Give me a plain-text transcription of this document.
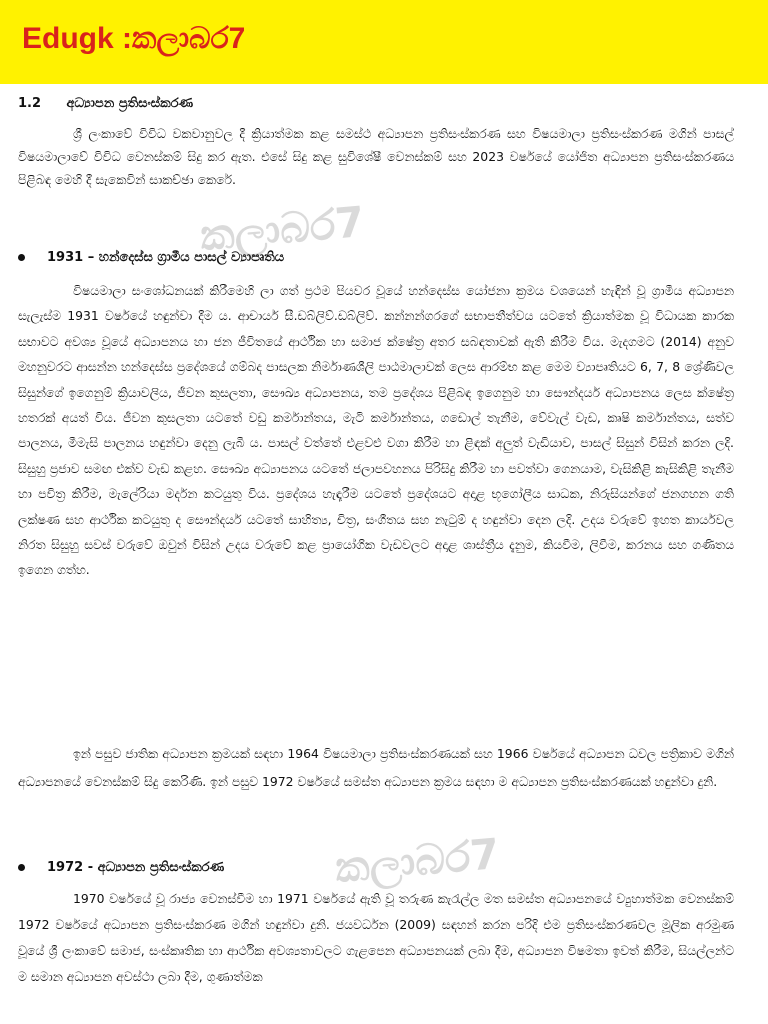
Edugk :කලාබර7
1.2 අධ්‍යාපන ප්‍රතිසංස්කරණ

ශ්‍රී ලංකාවේ විවිධ වකවානුවල දී ක්‍රියාත්මක කළ සමස්ථ අධ්‍යාපන ප්‍රතිසංස්කරණ සහ විෂයමාලා ප්‍රතිසංස්කරණ මගින් පාසල් විෂයමාලාවේ විවිධ වෙනස්කම් සිදු කර ඇත. එසේ සිදු කළ සුවිශේෂී වෙනස්කම් සහ 2023 වර්ෂයේ යෝජිත අධ්‍යාපන ප්‍රතිසංස්කරණය පිළිබඳ මෙහි දී සැකෙවින් සාකච්ඡා කෙරේ.

කලාබර7
1931 – හන්දෙස්ස ග්‍රාමීය පාසල් ව්‍යාපෘතිය

විෂයමාලා සංශෝධනයක් කිරීමෙහි ලා ගත් ප්‍රථම පියවර වූයේ හන්දෙස්ස යෝජනා ක්‍රමය වශයෙන් හැඳින් වූ ග්‍රාමීය අධ්‍යාපන සැලැස්ම 1931 වර්ෂයේ හඳුන්වා දීම ය. ආචාර්ය සී.ඩබ්ලිව්.ඩබ්ලිව්. කන්නන්ගරගේ සභාපතීත්වය යටතේ ක්‍රියාත්මක වූ විධායක කාරක සභාවට අවශ්‍ය වූයේ අධ්‍යාපනය හා ජන ජීවිතයේ ආර්ථික හා සමාජ ක්ෂේත්‍ර අතර සබඳතාවක් ඇති කිරීම විය. මැදගමට (2014) අනුව මහනුවරට ආසන්න හන්දෙස්ස ප්‍රදේශයේ ගම්බද පාසලක නිර්මාණශීලි පාඨමාලාවක් ලෙස ආරම්භ කළ මෙම ව්‍යාපෘතියට 6, 7, 8 ශ්‍රේණිවල සිසුන්ගේ ඉගෙනුම් ක්‍රියාවලිය, ජීවන කුසලතා, සෞඛ්‍ය අධ්‍යාපනය, තම ප්‍රදේශය පිළිබඳ ඉගෙනුම හා සෞන්දර්ය අධ්‍යාපනය ලෙස ක්ෂේත්‍ර හතරක් අයත් විය. ජීවන කුසලතා යටතේ වඩු කර්මාන්තය, මැටි කර්මාන්තය, ගඩොල් තැනීම, වේවැල් වැඩ, කෘෂි කර්මාන්තය, සත්ව පාලනය, මීමැසි පාලනය හඳුන්වා දෙනු ලැබී ය. පාසල් වත්තේ එළවළු වගා කිරීම හා ළිඳක් අලුත් වැඩියාව, පාසල් සිසුන් විසින් කරන ලදි. සිසුහු ප්‍රජාව සමඟ එක්ව වැඩ කළහ. සෞඛ්‍ය අධ්‍යාපනය යටතේ ජලාපවහනය පිරිසිදු කිරීම හා පවත්වා ගෙනයාම, වැසිකිළි කැසිකිළි තැනීම හා පවිත්‍ර කිරීම, මැලේරියා මර්දන කටයුතු විය. ප්‍රදේශය හැඳෑරීම යටතේ ප්‍රදේශයට අදාළ භූගෝලීය සාධක, නිරුසියන්ගේ ජනගහන ගති ලක්ෂණ සහ ආර්ථික කටයුතු ද සෞන්දර්ය යටතේ සාහිත්‍ය, චිත්‍ර, සංගීතය සහ නැටුම් ද හඳුන්වා දෙන ලදි. උදය වරුවේ ඉහත කාර්යවල නිරත සිසුහු සවස් වරුවේ ඔවුන් විසින් උදය වරුවේ කළ ප්‍රායෝගික වැඩවලට අදාළ ශාස්ත්‍රීය දැනුම, කියවීම, ලිවීම, කරනය සහ ගණිතය ඉගෙන ගත්හ.

ඉන් පසුව ජාතික අධ්‍යාපන ක්‍රමයක් සඳහා 1964 විෂයමාලා ප්‍රතිසංස්කරණයක් සහ 1966 වර්ෂයේ අධ්‍යාපන ධවල පත්‍රිකාව මගින් අධ්‍යාපනයේ වෙනස්කම් සිදු කෙරිණි. ඉන් පසුව 1972 වර්ෂයේ සමස්ත අධ්‍යාපන ක්‍රමය සඳහා ම අධ්‍යාපන ප්‍රතිසංස්කරණයක් හඳුන්වා දුනි.

කලාබර7
1972 - අධ්‍යාපන ප්‍රතිසංස්කරණ

1970 වර්ෂයේ වූ රාජ්‍ය වෙනස්වීම හා 1971 වර්ෂයේ ඇති වූ තරුණ කැරැල්ල මත සමස්ත අධ්‍යාපනයේ ව්‍යුහාත්මක වෙනස්කම් 1972 වර්ෂයේ අධ්‍යාපන ප්‍රතිසංස්කරණ මගින් හඳුන්වා දුනි. ජයවර්ධන (2009) සඳහන් කරන පරිදි එම ප්‍රතිසංස්කරණවල මූලික අරමුණ වූයේ ශ්‍රී ලංකාවේ සමාජ, සංස්කෘතික හා ආර්ථික අවශ්‍යතාවලට ගැළපෙන අධ්‍යාපනයක් ලබා දීම, අධ්‍යාපන විෂමතා ඉවත් කිරීම, සියල්ලන්ට ම සමාන අධ්‍යාපන අවස්ථා ලබා දීම, ගුණාත්මක
